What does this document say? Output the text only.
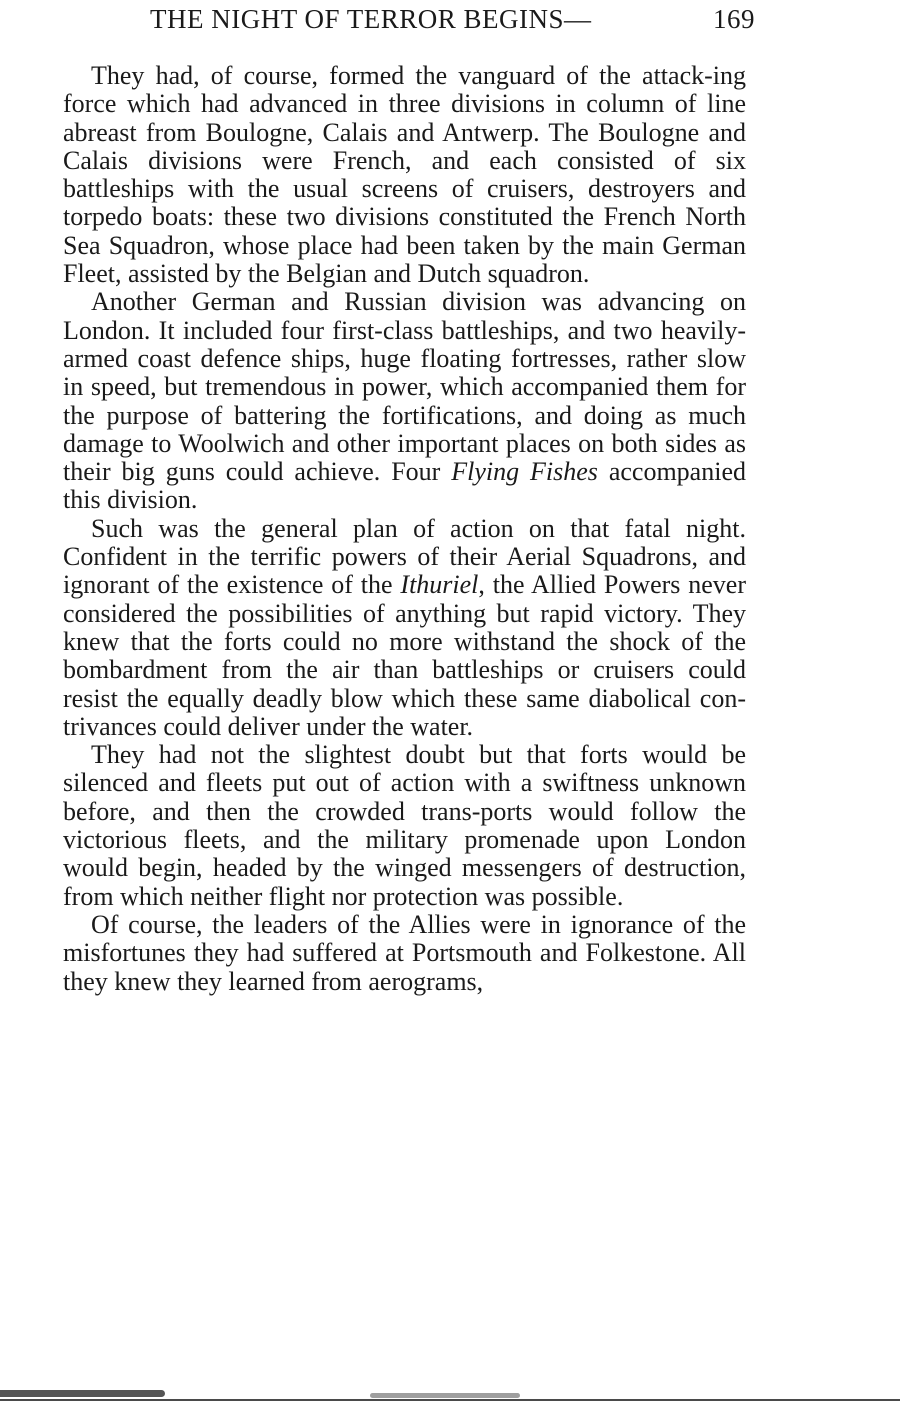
THE NIGHT OF TERROR BEGINS—	169

They had, of course, formed the vanguard of the attack-ing force which had advanced in three divisions in column of line abreast from Boulogne, Calais and Antwerp. The Boulogne and Calais divisions were French, and each consisted of six battleships with the usual screens of cruisers, destroyers and torpedo boats: these two divisions constituted the French North Sea Squadron, whose place had been taken by the main German Fleet, assisted by the Belgian and Dutch squadron.

Another German and Russian division was advancing on London. It included four first-class battleships, and two heavily-armed coast defence ships, huge floating fortresses, rather slow in speed, but tremendous in power, which accompanied them for the purpose of battering the fortifications, and doing as much damage to Woolwich and other important places on both sides as their big guns could achieve. Four Flying Fishes accompanied this division.

Such was the general plan of action on that fatal night. Confident in the terrific powers of their Aerial Squadrons, and ignorant of the existence of the Ithuriel, the Allied Powers never considered the possibilities of anything but rapid victory. They knew that the forts could no more withstand the shock of the bombardment from the air than battleships or cruisers could resist the equally deadly blow which these same diabolical con-trivances could deliver under the water.

They had not the slightest doubt but that forts would be silenced and fleets put out of action with a swiftness unknown before, and then the crowded trans-ports would follow the victorious fleets, and the military promenade upon London would begin, headed by the winged messengers of destruction, from which neither flight nor protection was possible.

Of course, the leaders of the Allies were in ignorance of the misfortunes they had suffered at Portsmouth and Folkestone. All they knew they learned from aerograms,
